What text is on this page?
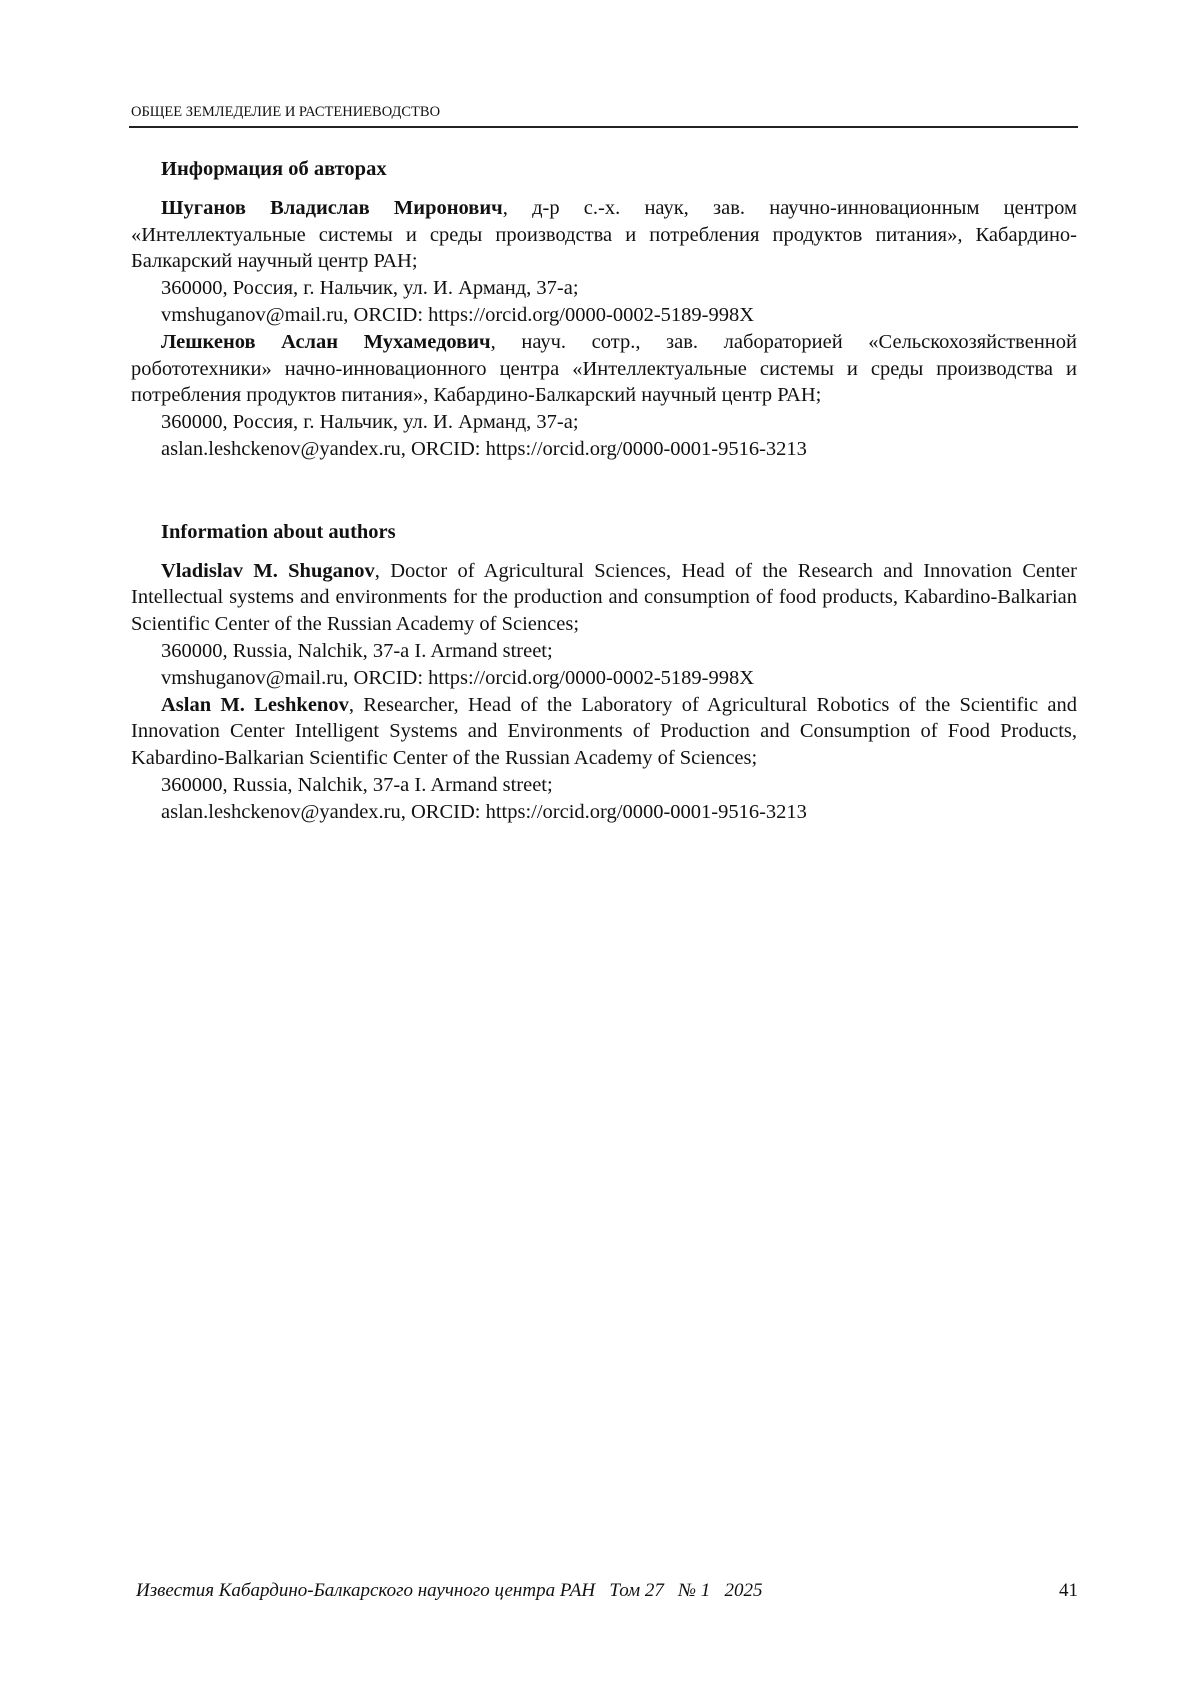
ОБЩЕЕ ЗЕМЛЕДЕЛИЕ И РАСТЕНИЕВОДСТВО

Информация об авторах

Шуганов Владислав Миронович, д-р с.-х. наук, зав. научно-инновационным центром «Интеллектуальные системы и среды производства и потребления продуктов питания», Кабардино-Балкарский научный центр РАН;

360000, Россия, г. Нальчик, ул. И. Арманд, 37-а;

vmshuganov@mail.ru, ORCID: https://orcid.org/0000-0002-5189-998X

Лешкенов Аслан Мухамедович, науч. сотр., зав. лабораторией «Сельскохозяйственной робототехники» начно-инновационного центра «Интеллектуальные системы и среды производства и потребления продуктов питания», Кабардино-Балкарский научный центр РАН;

360000, Россия, г. Нальчик, ул. И. Арманд, 37-а;

aslan.leshckenov@yandex.ru, ORCID: https://orcid.org/0000-0001-9516-3213

Information about authors

Vladislav M. Shuganov, Doctor of Agricultural Sciences, Head of the Research and Innovation Center Intellectual systems and environments for the production and consumption of food products, Kabardino-Balkarian Scientific Center of the Russian Academy of Sciences;

360000, Russia, Nalchik, 37-a I. Armand street;

vmshuganov@mail.ru, ORCID: https://orcid.org/0000-0002-5189-998X

Aslan M. Leshkenov, Researcher, Head of the Laboratory of Agricultural Robotics of the Scientific and Innovation Center Intelligent Systems and Environments of Production and Consumption of Food Products, Kabardino-Balkarian Scientific Center of the Russian Academy of Sciences;

360000, Russia, Nalchik, 37-a I. Armand street;

aslan.leshckenov@yandex.ru, ORCID: https://orcid.org/0000-0001-9516-3213

Известия Кабардино-Балкарского научного центра РАН   Том 27   № 1   2025	41
